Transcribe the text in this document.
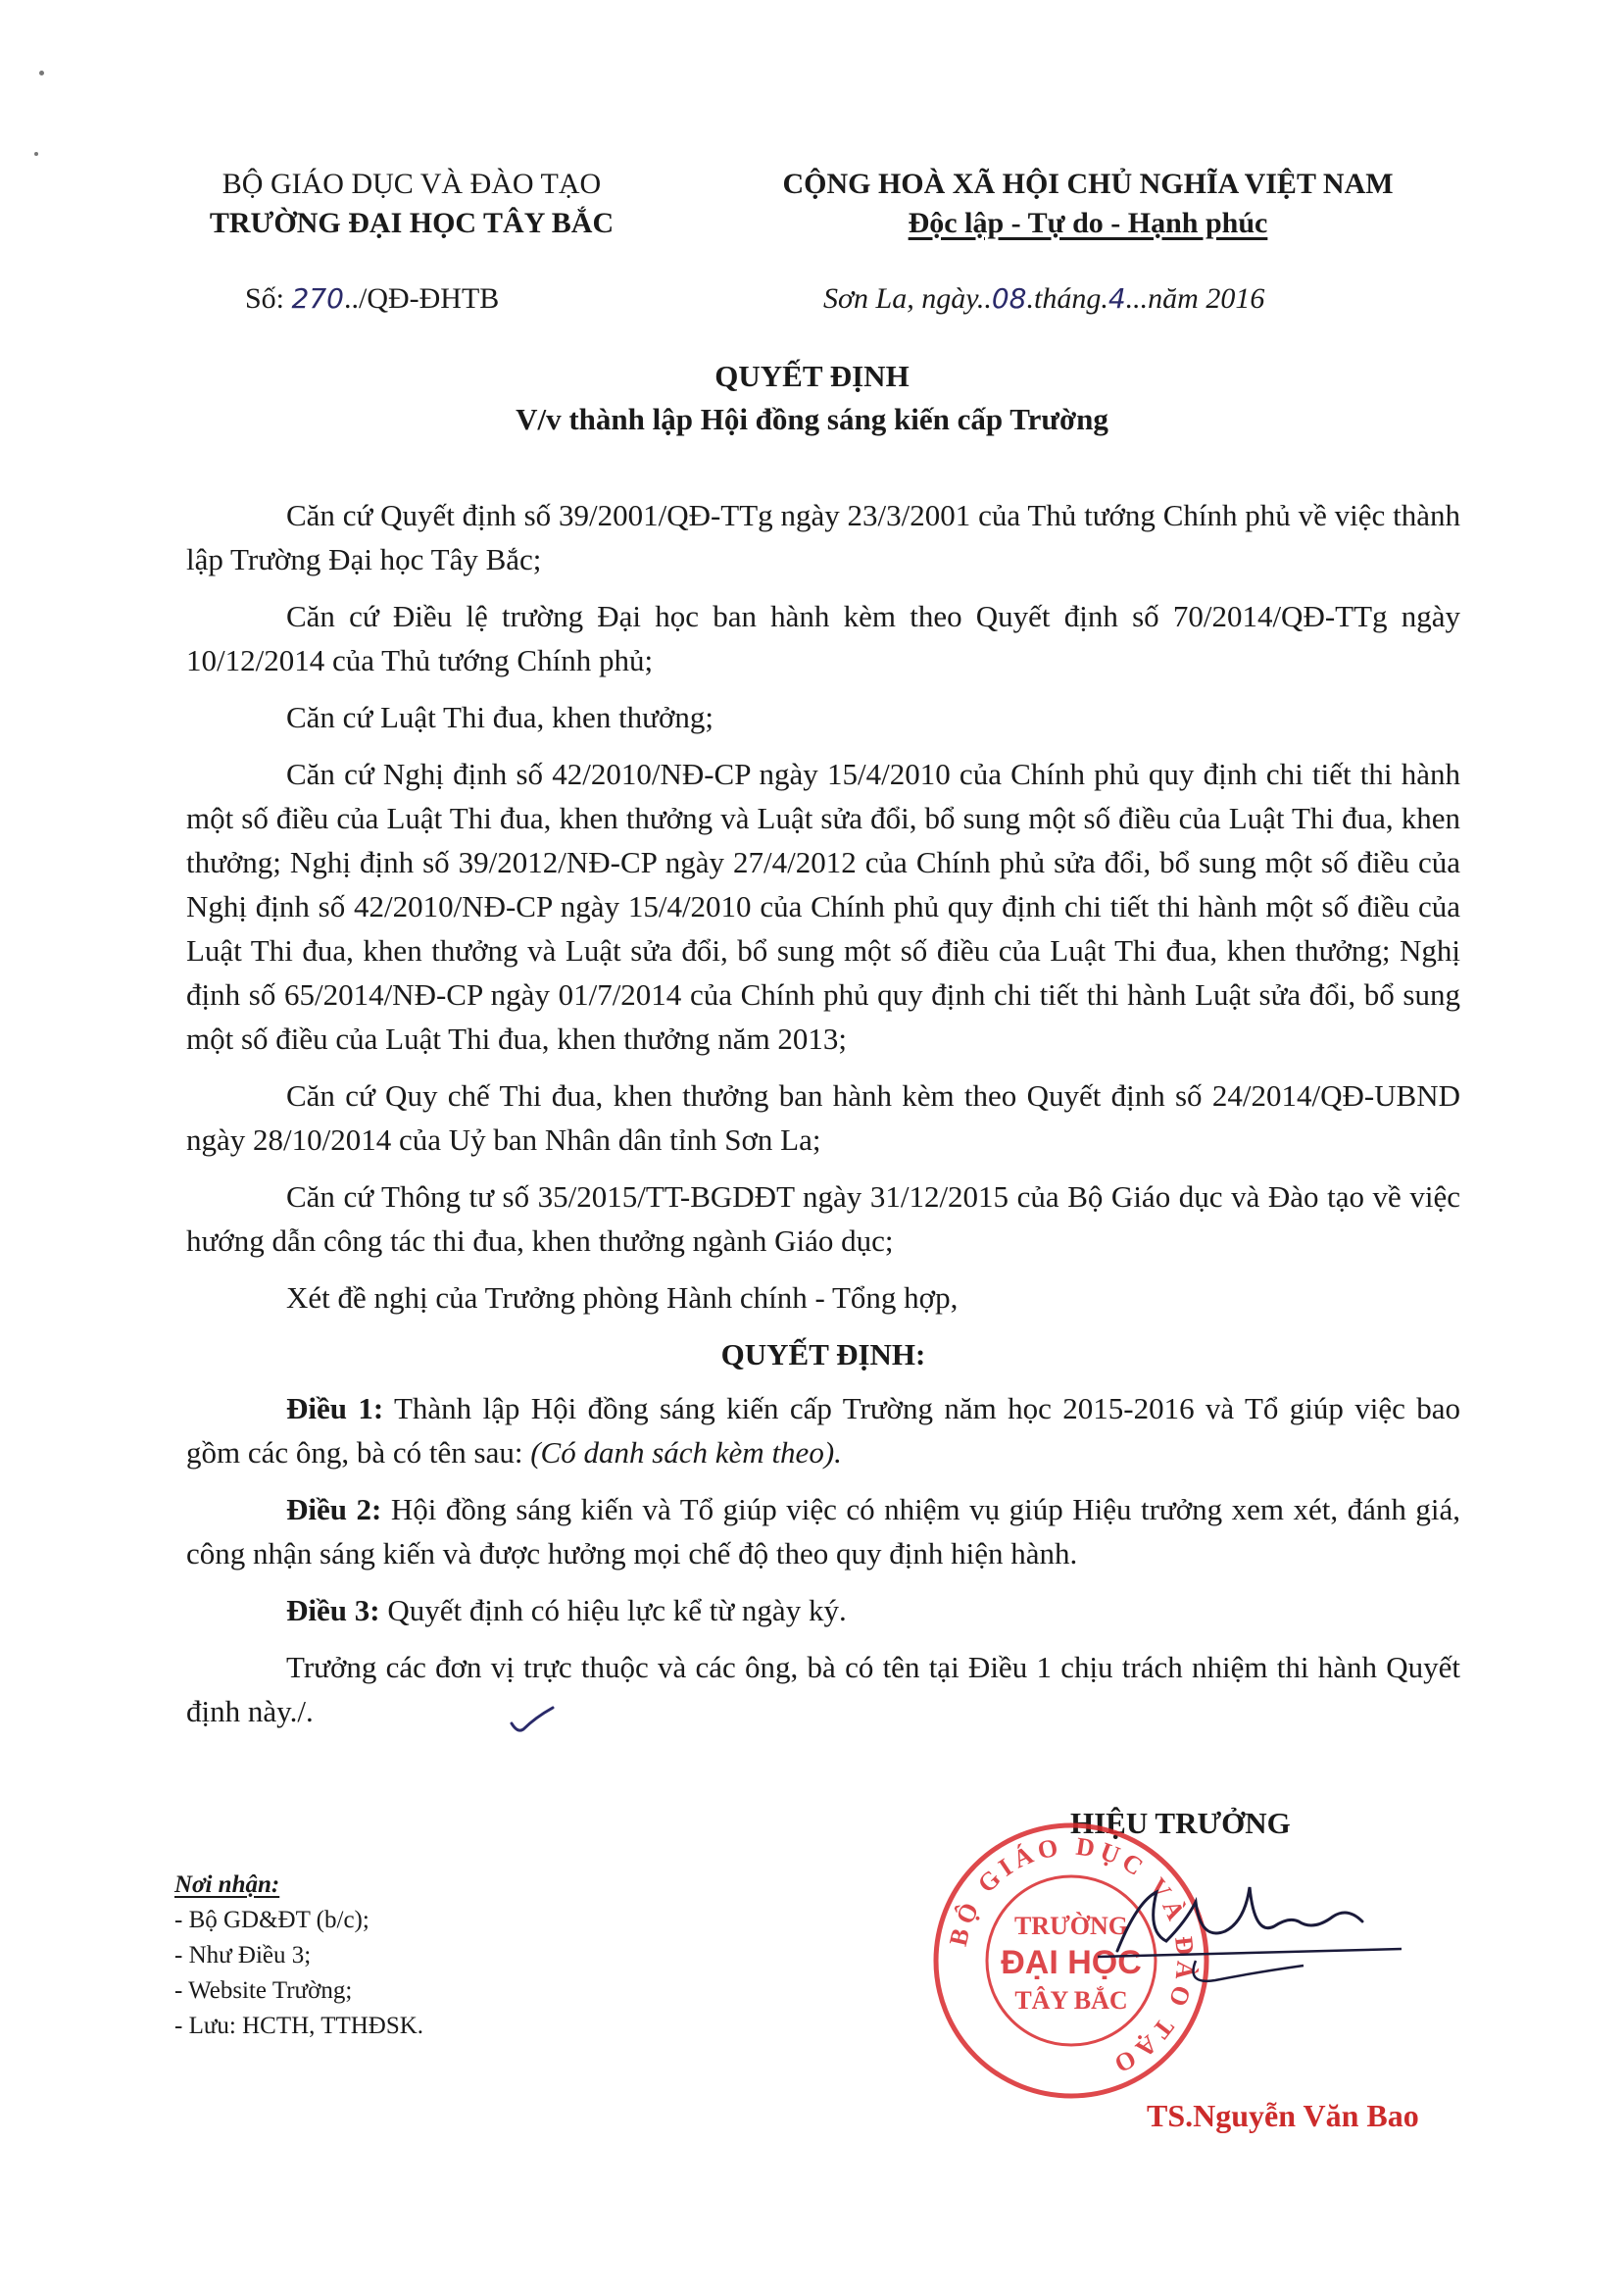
BỘ GIÁO DỤC VÀ ĐÀO TẠO
TRƯỜNG ĐẠI HỌC TÂY BẮC
CỘNG HOÀ XÃ HỘI CHỦ NGHĨA VIỆT NAM
Độc lập - Tự do - Hạnh phúc
Số: 270../QĐ-ĐHTB	Sơn La, ngày..08.tháng.4...năm 2016
QUYẾT ĐỊNH
V/v thành lập Hội đồng sáng kiến cấp Trường

Căn cứ Quyết định số 39/2001/QĐ-TTg ngày 23/3/2001 của Thủ tướng Chính phủ về việc thành lập Trường Đại học Tây Bắc;

Căn cứ Điều lệ trường Đại học ban hành kèm theo Quyết định số 70/2014/QĐ-TTg ngày 10/12/2014 của Thủ tướng Chính phủ;

Căn cứ Luật Thi đua, khen thưởng;

Căn cứ Nghị định số 42/2010/NĐ-CP ngày 15/4/2010 của Chính phủ quy định chi tiết thi hành một số điều của Luật Thi đua, khen thưởng và Luật sửa đổi, bổ sung một số điều của Luật Thi đua, khen thưởng; Nghị định số 39/2012/NĐ-CP ngày 27/4/2012 của Chính phủ sửa đổi, bổ sung một số điều của Nghị định số 42/2010/NĐ-CP ngày 15/4/2010 của Chính phủ quy định chi tiết thi hành một số điều của Luật Thi đua, khen thưởng và Luật sửa đổi, bổ sung một số điều của Luật Thi đua, khen thưởng; Nghị định số 65/2014/NĐ-CP ngày 01/7/2014 của Chính phủ quy định chi tiết thi hành Luật sửa đổi, bổ sung một số điều của Luật Thi đua, khen thưởng năm 2013;

Căn cứ Quy chế Thi đua, khen thưởng ban hành kèm theo Quyết định số 24/2014/QĐ-UBND ngày 28/10/2014 của Uỷ ban Nhân dân tỉnh Sơn La;

Căn cứ Thông tư số 35/2015/TT-BGDĐT ngày 31/12/2015 của Bộ Giáo dục và Đào tạo về việc hướng dẫn công tác thi đua, khen thưởng ngành Giáo dục;

Xét đề nghị của Trưởng phòng Hành chính - Tổng hợp,

QUYẾT ĐỊNH:

Điều 1: Thành lập Hội đồng sáng kiến cấp Trường năm học 2015-2016 và Tổ giúp việc bao gồm các ông, bà có tên sau: (Có danh sách kèm theo).

Điều 2: Hội đồng sáng kiến và Tổ giúp việc có nhiệm vụ giúp Hiệu trưởng xem xét, đánh giá, công nhận sáng kiến và được hưởng mọi chế độ theo quy định hiện hành.

Điều 3: Quyết định có hiệu lực kể từ ngày ký.

Trưởng các đơn vị trực thuộc và các ông, bà có tên tại Điều 1 chịu trách nhiệm thi hành Quyết định này./.

Nơi nhận:
- Bộ GD&ĐT (b/c);
- Như Điều 3;
- Website Trường;
- Lưu: HCTH, TTHĐSK.
HIỆU TRƯỞNG
BỘ GIÁO DỤC VÀ ĐÀO TẠO
TRƯỜNG
ĐẠI HỌC
TÂY BẮC
TS.Nguyễn Văn Bao
